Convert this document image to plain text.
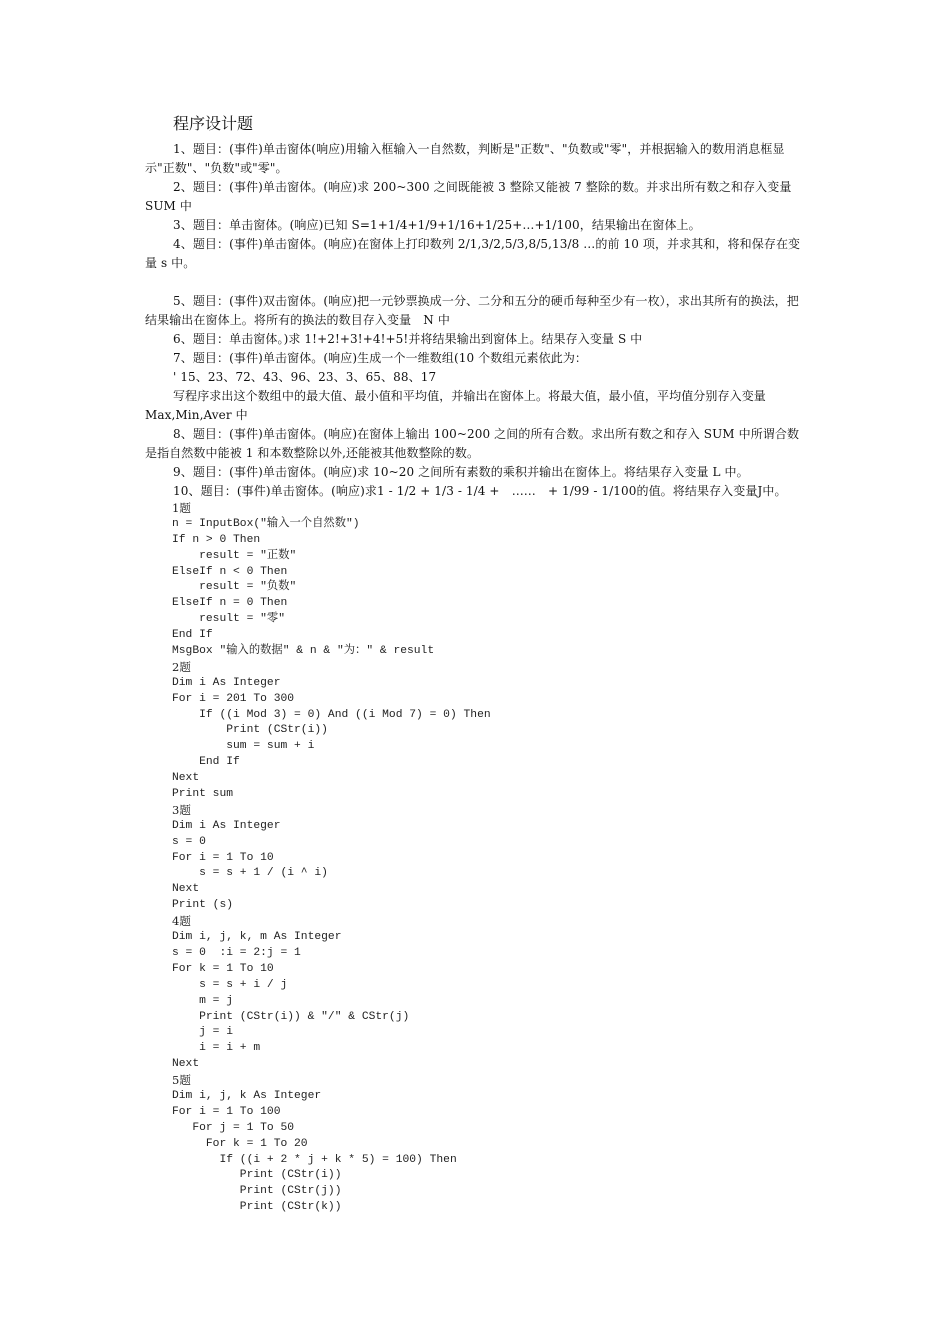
程序设计题

1、题目：(事件)单击窗体(响应)用输入框输入一自然数，判断是"正数"、"负数或"零"，并根据输入的数用消息框显示"正数"、"负数"或"零"。

2、题目：(事件)单击窗体。(响应)求 200~300 之间既能被 3 整除又能被 7 整除的数。并求出所有数之和存入变量 SUM 中

3、题目：单击窗体。(响应)已知 S=1+1/4+1/9+1/16+1/25+…+1/100，结果输出在窗体上。

4、题目：(事件)单击窗体。(响应)在窗体上打印数列 2/1,3/2,5/3,8/5,13/8 …的前 10 项，并求其和，将和保存在变量 s 中。

5、题目：(事件)双击窗体。(响应)把一元钞票换成一分、二分和五分的硬币每种至少有一枚），求出其所有的换法，把结果输出在窗体上。将所有的换法的数目存入变量　N 中

6、题目：单击窗体。)求 1!+2!+3!+4!+5!并将结果输出到窗体上。结果存入变量 S 中

7、题目：(事件)单击窗体。(响应)生成一个一维数组(10 个数组元素依此为：

' 15、23、72、43、96、23、3、65、88、17

写程序求出这个数组中的最大值、最小值和平均值，并输出在窗体上。将最大值，最小值，平均值分别存入变量 Max,Min,Aver 中

8、题目：(事件)单击窗体。(响应)在窗体上输出 100~200 之间的所有合数。求出所有数之和存入 SUM 中所谓合数是指自然数中能被 1 和本数整除以外,还能被其他数整除的数。

9、题目：(事件)单击窗体。(响应)求 10~20 之间所有素数的乘积并输出在窗体上。将结果存入变量 L 中。

10、题目：(事件)单击窗体。(响应)求1 - 1/2 + 1/3 - 1/4 +　……　+ 1/99 - 1/100的值。将结果存入变量J中。

1题
n = InputBox("输入一个自然数")
If n > 0 Then
result = "正数"
ElseIf n < 0 Then
result = "负数"
ElseIf n = 0 Then
result = "零"
End If
MsgBox "输入的数据" & n & "为：" & result
2题
Dim i As Integer
For i = 201 To 300
If ((i Mod 3) = 0) And ((i Mod 7) = 0) Then
Print (CStr(i))
sum = sum + i
End If
Next
Print sum
3题
Dim i As Integer
s = 0
For i = 1 To 10
s = s + 1 / (i ^ i)
Next
Print (s)
4题
Dim i, j, k, m As Integer
s = 0  :i = 2:j = 1
For k = 1 To 10
s = s + i / j
m = j
Print (CStr(i)) & "/" & CStr(j)
j = i
i = i + m
Next
5题
Dim i, j, k As Integer
For i = 1 To 100
For j = 1 To 50
For k = 1 To 20
If ((i + 2 * j + k * 5) = 100) Then
Print (CStr(i))
Print (CStr(j))
Print (CStr(k))
